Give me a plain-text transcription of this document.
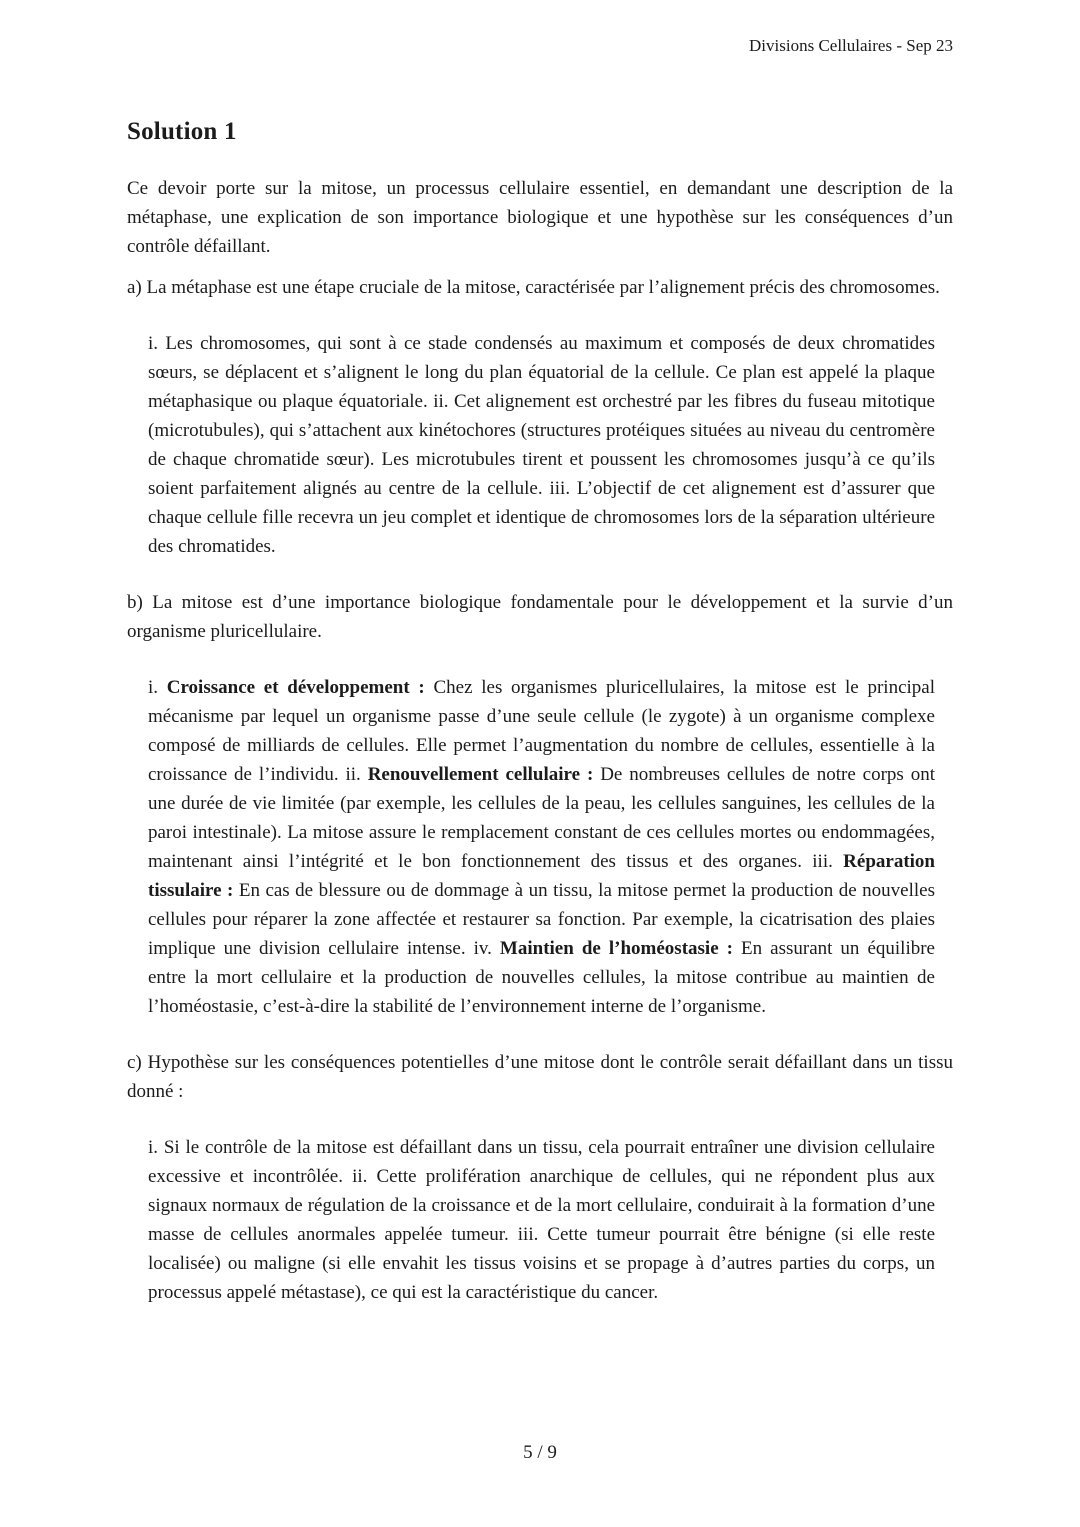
Divisions Cellulaires - Sep 23
Solution 1

Ce devoir porte sur la mitose, un processus cellulaire essentiel, en demandant une description de la métaphase, une explication de son importance biologique et une hypothèse sur les conséquences d’un contrôle défaillant.

a) La métaphase est une étape cruciale de la mitose, caractérisée par l’alignement précis des chromosomes.

i. Les chromosomes, qui sont à ce stade condensés au maximum et composés de deux chromatides sœurs, se déplacent et s’alignent le long du plan équatorial de la cellule. Ce plan est appelé la plaque métaphasique ou plaque équatoriale. ii. Cet alignement est orchestré par les fibres du fuseau mitotique (microtubules), qui s’attachent aux kinétochores (structures protéiques situées au niveau du centromère de chaque chromatide sœur). Les microtubules tirent et poussent les chromosomes jusqu’à ce qu’ils soient parfaitement alignés au centre de la cellule. iii. L’objectif de cet alignement est d’assurer que chaque cellule fille recevra un jeu complet et identique de chromosomes lors de la séparation ultérieure des chromatides.

b) La mitose est d’une importance biologique fondamentale pour le développement et la survie d’un organisme pluricellulaire.

i. Croissance et développement : Chez les organismes pluricellulaires, la mitose est le principal mécanisme par lequel un organisme passe d’une seule cellule (le zygote) à un organisme complexe composé de milliards de cellules. Elle permet l’augmentation du nombre de cellules, essentielle à la croissance de l’individu. ii. Renouvellement cellulaire : De nombreuses cellules de notre corps ont une durée de vie limitée (par exemple, les cellules de la peau, les cellules sanguines, les cellules de la paroi intestinale). La mitose assure le remplacement constant de ces cellules mortes ou endommagées, maintenant ainsi l’intégrité et le bon fonctionnement des tissus et des organes. iii. Réparation tissulaire : En cas de blessure ou de dommage à un tissu, la mitose permet la production de nouvelles cellules pour réparer la zone affectée et restaurer sa fonction. Par exemple, la cicatrisation des plaies implique une division cellulaire intense. iv. Maintien de l’homéostasie : En assurant un équilibre entre la mort cellulaire et la production de nouvelles cellules, la mitose contribue au maintien de l’homéostasie, c’est-à-dire la stabilité de l’environnement interne de l’organisme.

c) Hypothèse sur les conséquences potentielles d’une mitose dont le contrôle serait défaillant dans un tissu donné :

i. Si le contrôle de la mitose est défaillant dans un tissu, cela pourrait entraîner une division cellulaire excessive et incontrôlée. ii. Cette prolifération anarchique de cellules, qui ne répondent plus aux signaux normaux de régulation de la croissance et de la mort cellulaire, conduirait à la formation d’une masse de cellules anormales appelée tumeur. iii. Cette tumeur pourrait être bénigne (si elle reste localisée) ou maligne (si elle envahit les tissus voisins et se propage à d’autres parties du corps, un processus appelé métastase), ce qui est la caractéristique du cancer.

5 / 9
